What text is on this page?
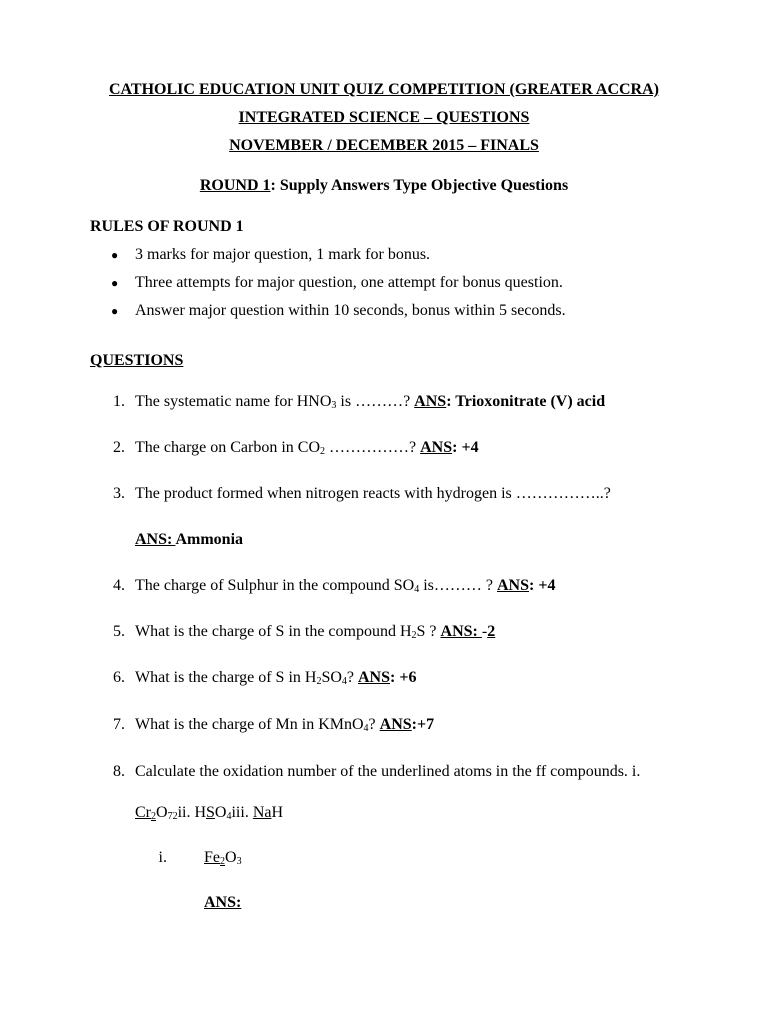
CATHOLIC EDUCATION UNIT QUIZ COMPETITION (GREATER ACCRA)
INTEGRATED SCIENCE – QUESTIONS
NOVEMBER / DECEMBER 2015 – FINALS
ROUND 1: Supply Answers Type Objective Questions
RULES OF ROUND 1
● 3 marks for major question, 1 mark for bonus.
● Three attempts for major question, one attempt for bonus question.
● Answer major question within 10 seconds, bonus within 5 seconds.
QUESTIONS
1. The systematic name for $HNO_3$ is ………? ANS: Trioxonitrate (V) acid
2. The charge on Carbon in $CO_2$ ……………? ANS: +4
3. The product formed when nitrogen reacts with hydrogen is ……………..?
ANS: Ammonia
4. The charge of Sulphur in the compound $SO_4$ is……… ? ANS: +4
5. What is the charge of S in the compound $H_2S$ ? ANS: -2
6. What is the charge of S in $H_2SO_4$? ANS: +6
7. What is the charge of Mn in KMnO$_4$? ANS:+7
8. Calculate the oxidation number of the underlined atoms in the ff compounds. i.
$Cr_2O_{72}ii$. $HSO_4iii$. NaH
i. $Fe_2O_3$
ANS:
